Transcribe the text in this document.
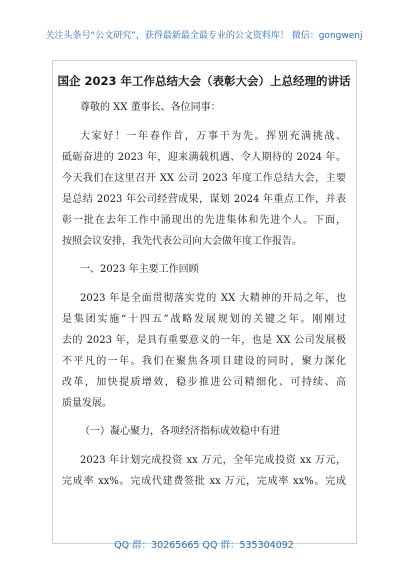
关注头条号“公文研究”，获得最新最全最专业的公文资料库！ 微信：gongwenj
国企 2023 年工作总结大会（表彰大会）上总经理的讲话
尊敬的 XX 董事长、各位同事：
大家好！一年春作首，万事干为先。挥别充满挑战、
砥砺奋进的 2023 年，迎来满载机遇、令人期待的 2024 年。
今天我们在这里召开 XX 公司 2023 年度工作总结大会，主要
是总结 2023 年公司经营成果，谋划 2024 年重点工作，并表
彰一批在去年工作中涌现出的先进集体和先进个人。下面，
按照会议安排，我先代表公司向大会做年度工作报告。
一、2023 年主要工作回顾
2023 年是全面贯彻落实党的 XX 大精神的开局之年，也
是集团实施“十四五”战略发展规划的关键之年。刚刚过
去的 2023 年，是具有重要意义的一年，也是 XX 公司发展极
不平凡的一年。我们在聚焦各项目建设的同时，聚力深化
改革，加快提质增效，稳步推进公司精细化、可持续、高
质量发展。
（一）凝心聚力，各项经济指标成效稳中有进
2023 年计划完成投资 xx 万元，全年完成投资 xx 万元，
完成率 xx%。完成代建费签批 xx 万元，完成率 xx%。完成
QQ 群：30265665 QQ 群：535304092
